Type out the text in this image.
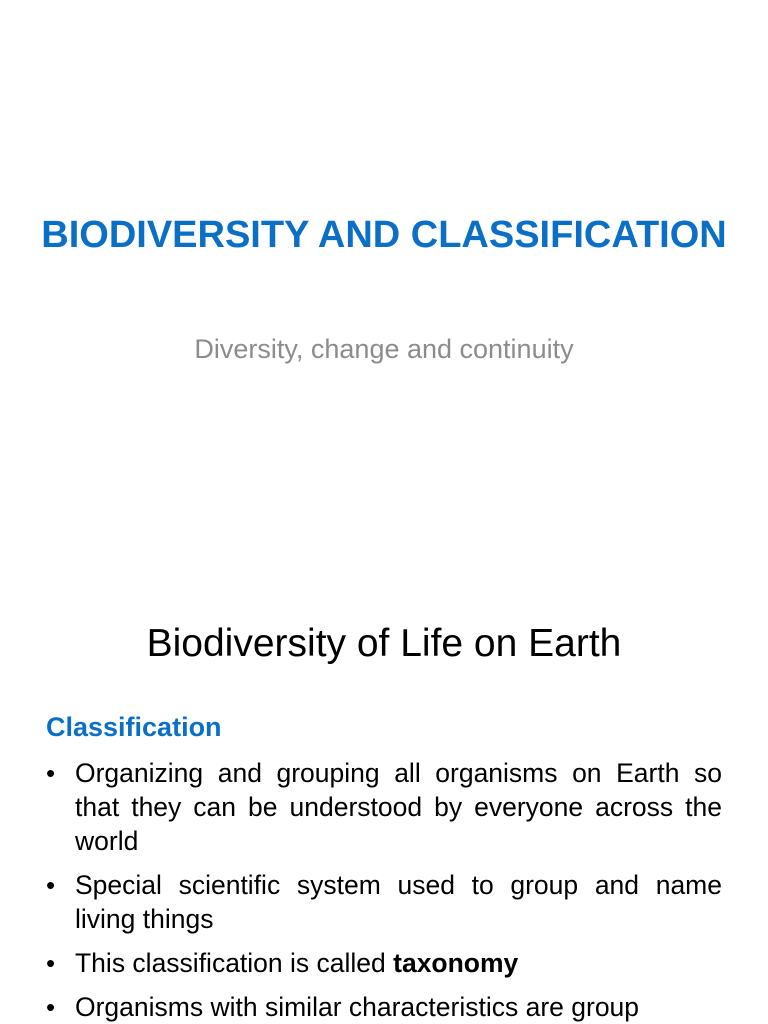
BIODIVERSITY AND CLASSIFICATION
Diversity, change and continuity
Biodiversity of Life on Earth
Classification
• Organizing and grouping all organisms on Earth so that they can be understood by everyone across the world
• Special scientific system used to group and name living things
• This classification is called taxonomy
• Organisms with similar characteristics are group
